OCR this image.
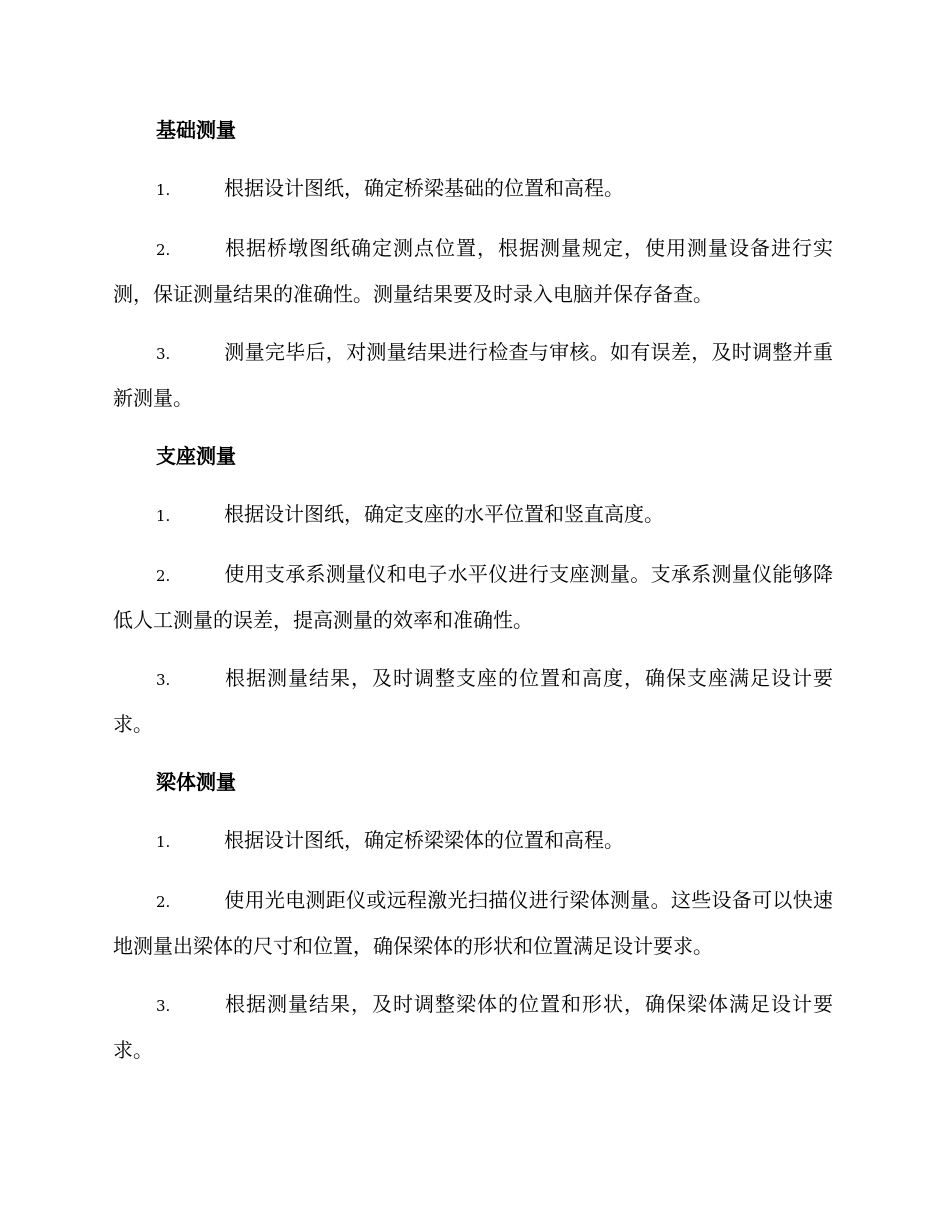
基础测量

1.	根据设计图纸，确定桥梁基础的位置和高程。

2.	根据桥墩图纸确定测点位置，根据测量规定，使用测量设备进行实测，保证测量结果的准确性。测量结果要及时录入电脑并保存备查。

3.	测量完毕后，对测量结果进行检查与审核。如有误差，及时调整并重新测量。

支座测量

1.	根据设计图纸，确定支座的水平位置和竖直高度。

2.	使用支承系测量仪和电子水平仪进行支座测量。支承系测量仪能够降低人工测量的误差，提高测量的效率和准确性。

3.	根据测量结果，及时调整支座的位置和高度，确保支座满足设计要求。

梁体测量

1.	根据设计图纸，确定桥梁梁体的位置和高程。

2.	使用光电测距仪或远程激光扫描仪进行梁体测量。这些设备可以快速地测量出梁体的尺寸和位置，确保梁体的形状和位置满足设计要求。

3.	根据测量结果，及时调整梁体的位置和形状，确保梁体满足设计要求。
